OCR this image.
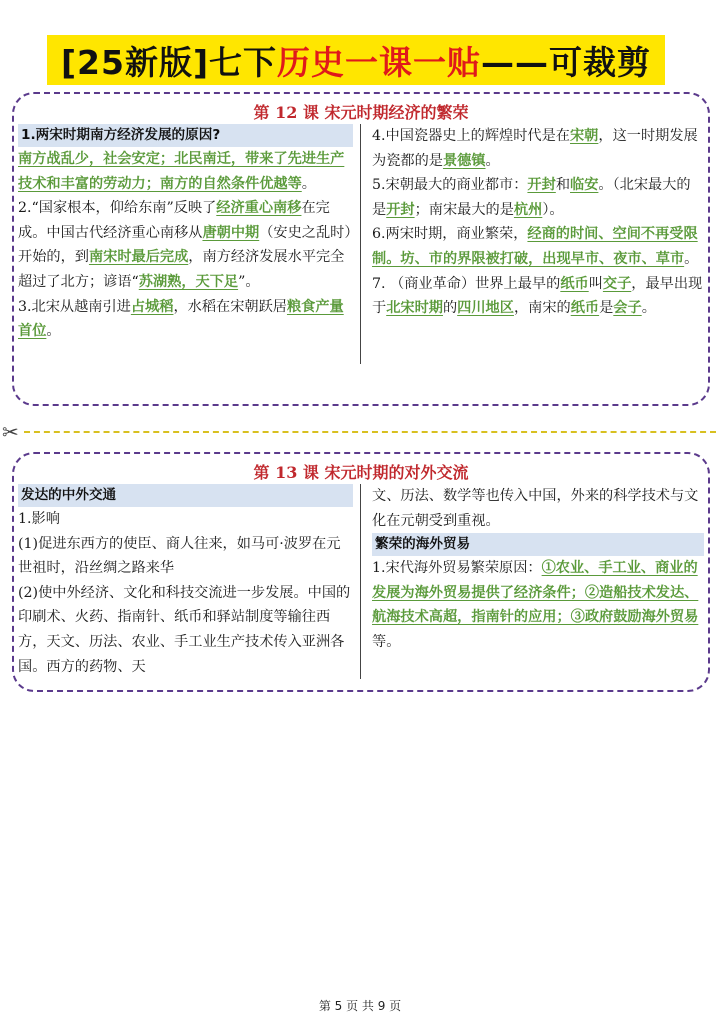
[25新版]七下 历史一课一贴 ——可裁剪
第 12 课 宋元时期经济的繁荣
1.两宋时期南方经济发展的原因?

南方战乱少，社会安定；北民南迁，带来了先进生产技术和丰富的劳动力；南方的自然条件优越等。

2.“国家根本，仰给东南”反映了经济重心南移在完成。中国古代经济重心南移从唐朝中期（安史之乱时）开始的，到南宋时最后完成，南方经济发展水平完全超过了北方；谚语“苏湖熟，天下足”。

3.北宋从越南引进占城稻，水稻在宋朝跃居粮食产量首位。

4.中国瓷器史上的辉煌时代是在宋朝，这一时期发展为瓷都的是景德镇。

5.宋朝最大的商业都市：开封和临安。（北宋最大的是开封；南宋最大的是杭州）。

6.两宋时期，商业繁荣，经商的时间、空间不再受限制。坊、市的界限被打破，出现早市、夜市、草市。

7. （商业革命）世界上最早的纸币叫交子，最早出现于北宋时期的四川地区，南宋的纸币是会子。

✂
第 13 课 宋元时期的对外交流
发达的中外交通

1.影响

(1)促进东西方的使臣、商人往来，如马可·波罗在元世祖时，沿丝绸之路来华

(2)使中外经济、文化和科技交流进一步发展。中国的印刷术、火药、指南针、纸币和驿站制度等输往西方，天文、历法、农业、手工业生产技术传入亚洲各国。西方的药物、天

文、历法、数学等也传入中国，外来的科学技术与文化在元朝受到重视。

繁荣的海外贸易

1.宋代海外贸易繁荣原因：①农业、手工业、商业的发展为海外贸易提供了经济条件；②造船技术发达、航海技术高超，指南针的应用；③政府鼓励海外贸易等。

第 5 页 共 9 页
